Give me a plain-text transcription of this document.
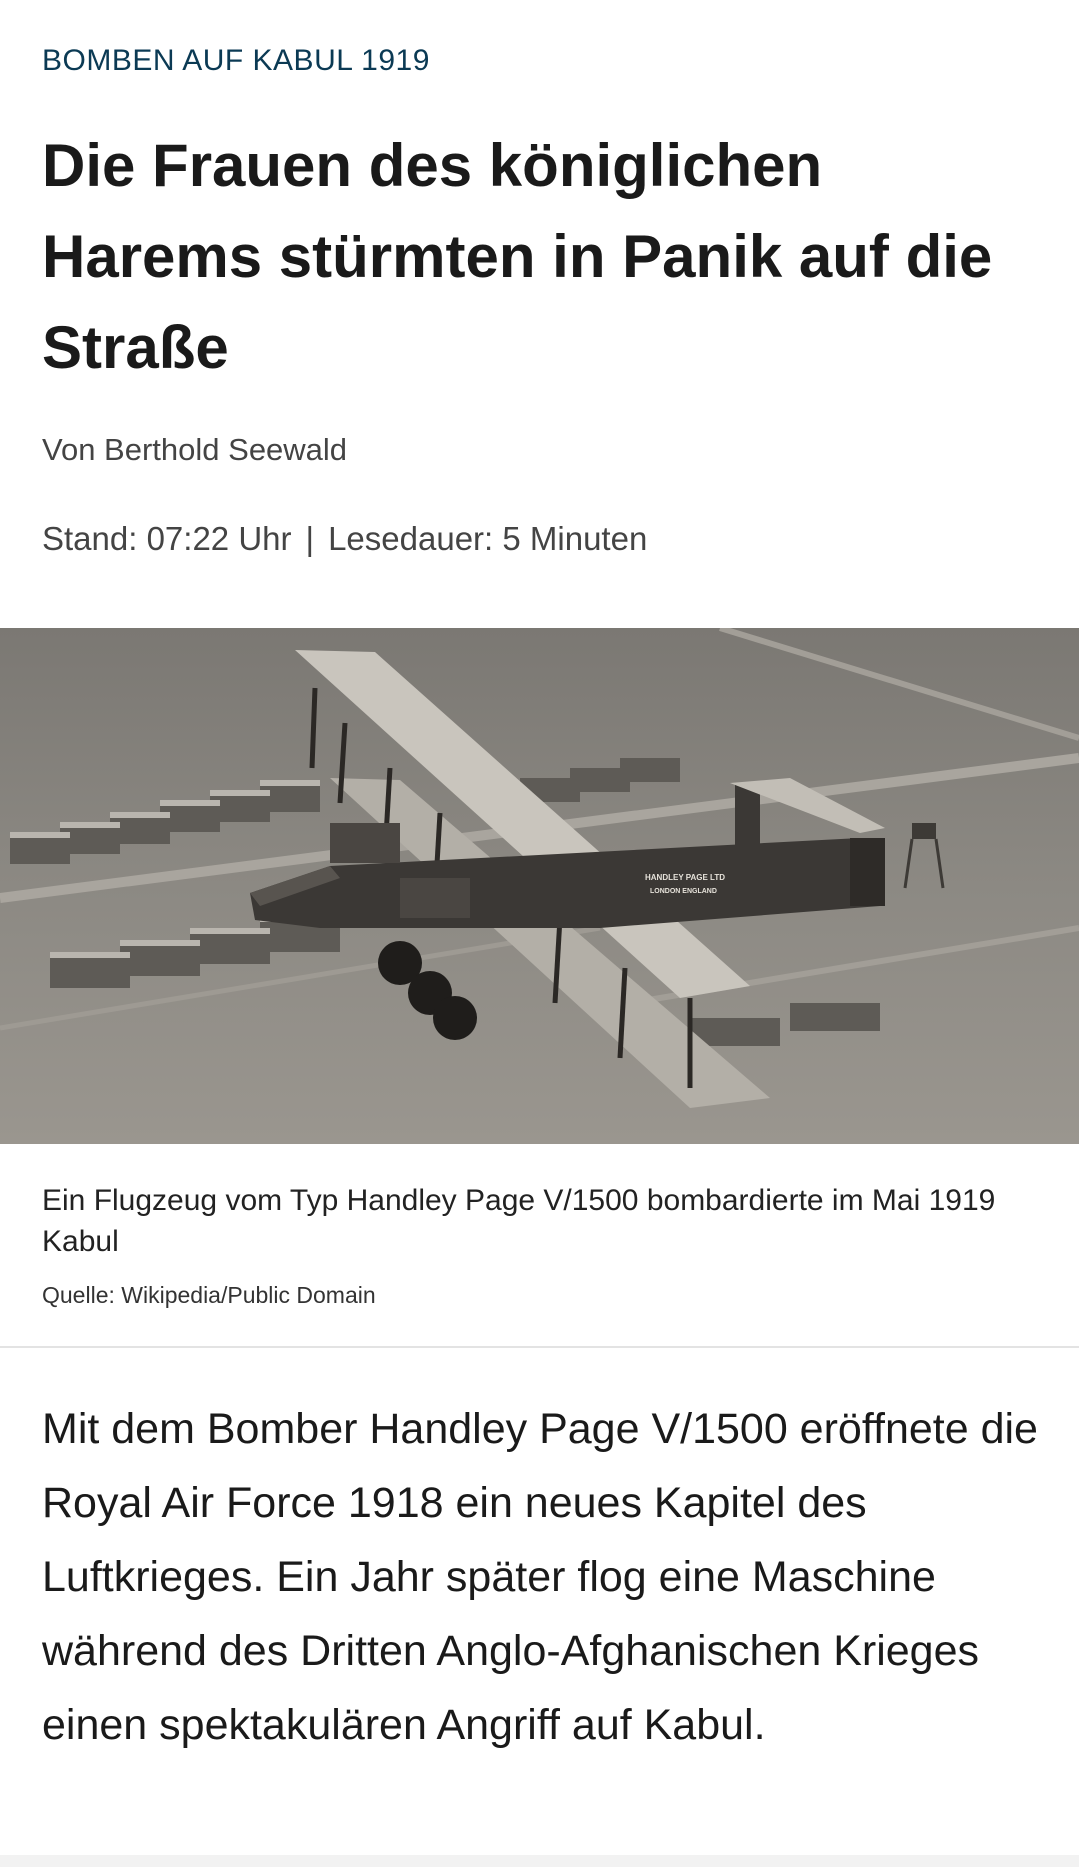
BOMBEN AUF KABUL 1919
Die Frauen des königlichen Harems stürmten in Panik auf die Straße
Von Berthold Seewald
Stand: 07:22 Uhr | Lesedauer: 5 Minuten
HANDLEY PAGE LTD
LONDON ENGLAND

Ein Flugzeug vom Typ Handley Page V/1500 bombardierte im Mai 1919 Kabul

Quelle: Wikipedia/Public Domain

Mit dem Bomber Handley Page V/1500 eröffnete die Royal Air Force 1918 ein neues Kapitel des Luftkrieges. Ein Jahr später flog eine Maschine während des Dritten Anglo-Afghanischen Krieges einen spektakulären Angriff auf Kabul.
